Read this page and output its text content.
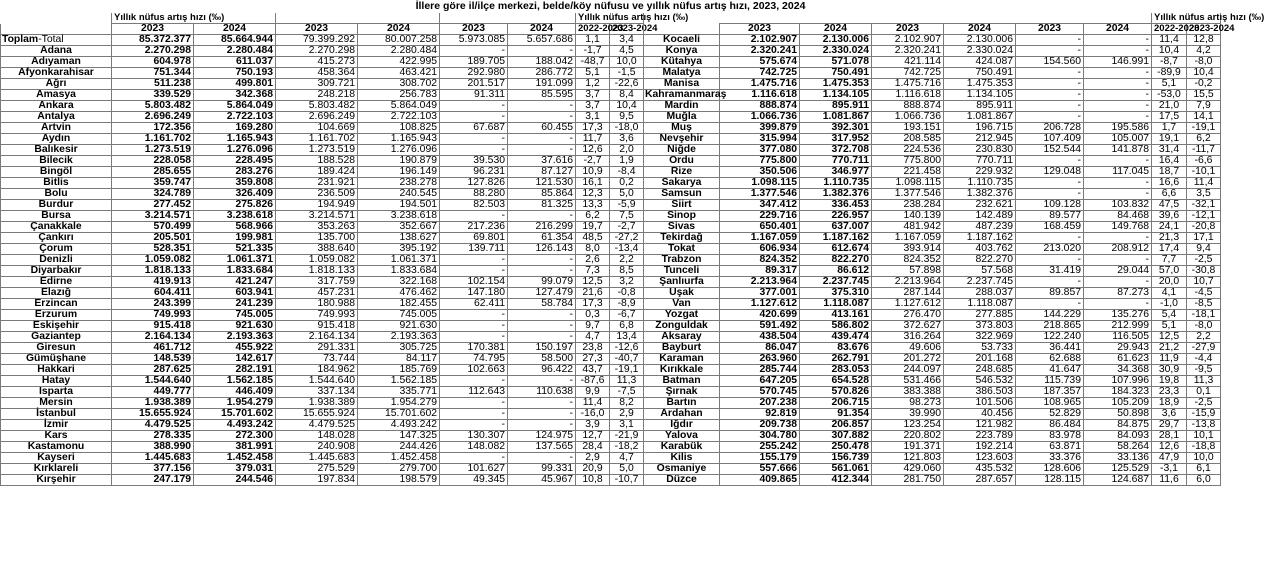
İllere göre il/ilçe merkezi, belde/köy nüfusu ve yıllık nüfus artış hızı, 2023, 2024
	Yıllık nüfus artış hızı (‰)						Yıllık nüfus artış hızı (‰)	
	2023	2024	2023	2024	2023	2024	2022-2023	2023-2024
Toplam-Total	85.372.377	85.664.944	79.399.292	80.007.258	5.973.085	5.657.686	1,1	3,4
Adana	2.270.298	2.280.484	2.270.298	2.280.484	-	-	-1,7	4,5
Adıyaman	604.978	611.037	415.273	422.995	189.705	188.042	-48,7	10,0
Afyonkarahisar	751.344	750.193	458.364	463.421	292.980	286.772	5,1	-1,5
Ağrı	511.238	499.801	309.721	308.702	201.517	191.099	1,2	-22,6
Amasya	339.529	342.368	248.218	256.783	91.311	85.595	3,7	8,4
Ankara	5.803.482	5.864.049	5.803.482	5.864.049	-	-	3,7	10,4
Antalya	2.696.249	2.722.103	2.696.249	2.722.103	-	-	3,1	9,5
Artvin	172.356	169.280	104.669	108.825	67.687	60.455	17,3	-18,0
Aydın	1.161.702	1.165.943	1.161.702	1.165.943	-	-	11,7	3,6
Balıkesir	1.273.519	1.276.096	1.273.519	1.276.096	-	-	12,6	2,0
Bilecik	228.058	228.495	188.528	190.879	39.530	37.616	-2,7	1,9
Bingöl	285.655	283.276	189.424	196.149	96.231	87.127	10,9	-8,4
Bitlis	359.747	359.808	231.921	238.278	127.826	121.530	16,1	0,2
Bolu	324.789	326.409	236.509	240.545	88.280	85.864	12,3	5,0
Burdur	277.452	275.826	194.949	194.501	82.503	81.325	13,3	-5,9
Bursa	3.214.571	3.238.618	3.214.571	3.238.618	-	-	6,2	7,5
Çanakkale	570.499	568.966	353.263	352.667	217.236	216.299	19,7	-2,7
Çankırı	205.501	199.981	135.700	138.627	69.801	61.354	48,5	-27,2
Çorum	528.351	521.335	388.640	395.192	139.711	126.143	8,0	-13,4
Denizli	1.059.082	1.061.371	1.059.082	1.061.371	-	-	2,6	2,2
Diyarbakır	1.818.133	1.833.684	1.818.133	1.833.684	-	-	7,3	8,5
Edirne	419.913	421.247	317.759	322.168	102.154	99.079	12,5	3,2
Elazığ	604.411	603.941	457.231	476.462	147.180	127.479	21,6	-0,8
Erzincan	243.399	241.239	180.988	182.455	62.411	58.784	17,3	-8,9
Erzurum	749.993	745.005	749.993	745.005	-	-	0,3	-6,7
Eskişehir	915.418	921.630	915.418	921.630	-	-	9,7	6,8
Gaziantep	2.164.134	2.193.363	2.164.134	2.193.363	-	-	4,7	13,4
Giresun	461.712	455.922	291.331	305.725	170.381	150.197	23,8	-12,6
Gümüşhane	148.539	142.617	73.744	84.117	74.795	58.500	27,3	-40,7
Hakkari	287.625	282.191	184.962	185.769	102.663	96.422	43,7	-19,1
Hatay	1.544.640	1.562.185	1.544.640	1.562.185	-	-	-87,6	11,3
Isparta	449.777	446.409	337.134	335.771	112.643	110.638	9,9	-7,5
Mersin	1.938.389	1.954.279	1.938.389	1.954.279	-	-	11,4	8,2
İstanbul	15.655.924	15.701.602	15.655.924	15.701.602	-	-	-16,0	2,9
İzmir	4.479.525	4.493.242	4.479.525	4.493.242	-	-	3,9	3,1
Kars	278.335	272.300	148.028	147.325	130.307	124.975	12,7	-21,9
Kastamonu	388.990	381.991	240.908	244.426	148.082	137.565	28,4	-18,2
Kayseri	1.445.683	1.452.458	1.445.683	1.452.458	-	-	2,9	4,7
Kırklareli	377.156	379.031	275.529	279.700	101.627	99.331	20,9	5,0
Kırşehir	247.179	244.546	197.834	198.579	49.345	45.967	10,8	-10,7
							Yıllık nüfus artış hızı (‰)	
	2023	2024	2023	2024	2023	2024	2022-2023	2023-2024
Kocaeli	2.102.907	2.130.006	2.102.907	2.130.006	-	-	11,4	12,8
Konya	2.320.241	2.330.024	2.320.241	2.330.024	-	-	10,4	4,2
Kütahya	575.674	571.078	421.114	424.087	154.560	146.991	-8,7	-8,0
Malatya	742.725	750.491	742.725	750.491	-	-	-89,9	10,4
Manisa	1.475.716	1.475.353	1.475.716	1.475.353	-	-	5,1	-0,2
Kahramanmaraş	1.116.618	1.134.105	1.116.618	1.134.105	-	-	-53,0	15,5
Mardin	888.874	895.911	888.874	895.911	-	-	21,0	7,9
Muğla	1.066.736	1.081.867	1.066.736	1.081.867	-	-	17,5	14,1
Muş	399.879	392.301	193.151	196.715	206.728	195.586	1,7	-19,1
Nevşehir	315.994	317.952	208.585	212.945	107.409	105.007	19,1	6,2
Niğde	377.080	372.708	224.536	230.830	152.544	141.878	31,4	-11,7
Ordu	775.800	770.711	775.800	770.711	-	-	16,4	-6,6
Rize	350.506	346.977	221.458	229.932	129.048	117.045	18,7	-10,1
Sakarya	1.098.115	1.110.735	1.098.115	1.110.735	-	-	16,6	11,4
Samsun	1.377.546	1.382.376	1.377.546	1.382.376	-	-	6,6	3,5
Siirt	347.412	336.453	238.284	232.621	109.128	103.832	47,5	-32,1
Sinop	229.716	226.957	140.139	142.489	89.577	84.468	39,6	-12,1
Sivas	650.401	637.007	481.942	487.239	168.459	149.768	24,1	-20,8
Tekirdağ	1.167.059	1.187.162	1.167.059	1.187.162	-	-	21,3	17,1
Tokat	606.934	612.674	393.914	403.762	213.020	208.912	17,4	9,4
Trabzon	824.352	822.270	824.352	822.270	-	-	7,7	-2,5
Tunceli	89.317	86.612	57.898	57.568	31.419	29.044	57,0	-30,8
Şanlıurfa	2.213.964	2.237.745	2.213.964	2.237.745	-	-	20,0	10,7
Uşak	377.001	375.310	287.144	288.037	89.857	87.273	4,1	-4,5
Van	1.127.612	1.118.087	1.127.612	1.118.087	-	-	-1,0	-8,5
Yozgat	420.699	413.161	276.470	277.885	144.229	135.276	5,4	-18,1
Zonguldak	591.492	586.802	372.627	373.803	218.865	212.999	5,1	-8,0
Aksaray	438.504	439.474	316.264	322.969	122.240	116.505	12,5	2,2
Bayburt	86.047	83.676	49.606	53.733	36.441	29.943	21,2	-27,9
Karaman	263.960	262.791	201.272	201.168	62.688	61.623	11,9	-4,4
Kırıkkale	285.744	283.053	244.097	248.685	41.647	34.368	30,9	-9,5
Batman	647.205	654.528	531.466	546.532	115.739	107.996	19,8	11,3
Şırnak	570.745	570.826	383.388	386.503	187.357	184.323	23,3	0,1
Bartın	207.238	206.715	98.273	101.506	108.965	105.209	18,9	-2,5
Ardahan	92.819	91.354	39.990	40.456	52.829	50.898	3,6	-15,9
Iğdır	209.738	206.857	123.254	121.982	86.484	84.875	29,7	-13,8
Yalova	304.780	307.882	220.802	223.789	83.978	84.093	28,1	10,1
Karabük	255.242	250.478	191.371	192.214	63.871	58.264	12,6	-18,8
Kilis	155.179	156.739	121.803	123.603	33.376	33.136	47,9	10,0
Osmaniye	557.666	561.061	429.060	435.532	128.606	125.529	-3,1	6,1
Düzce	409.865	412.344	281.750	287.657	128.115	124.687	11,6	6,0
